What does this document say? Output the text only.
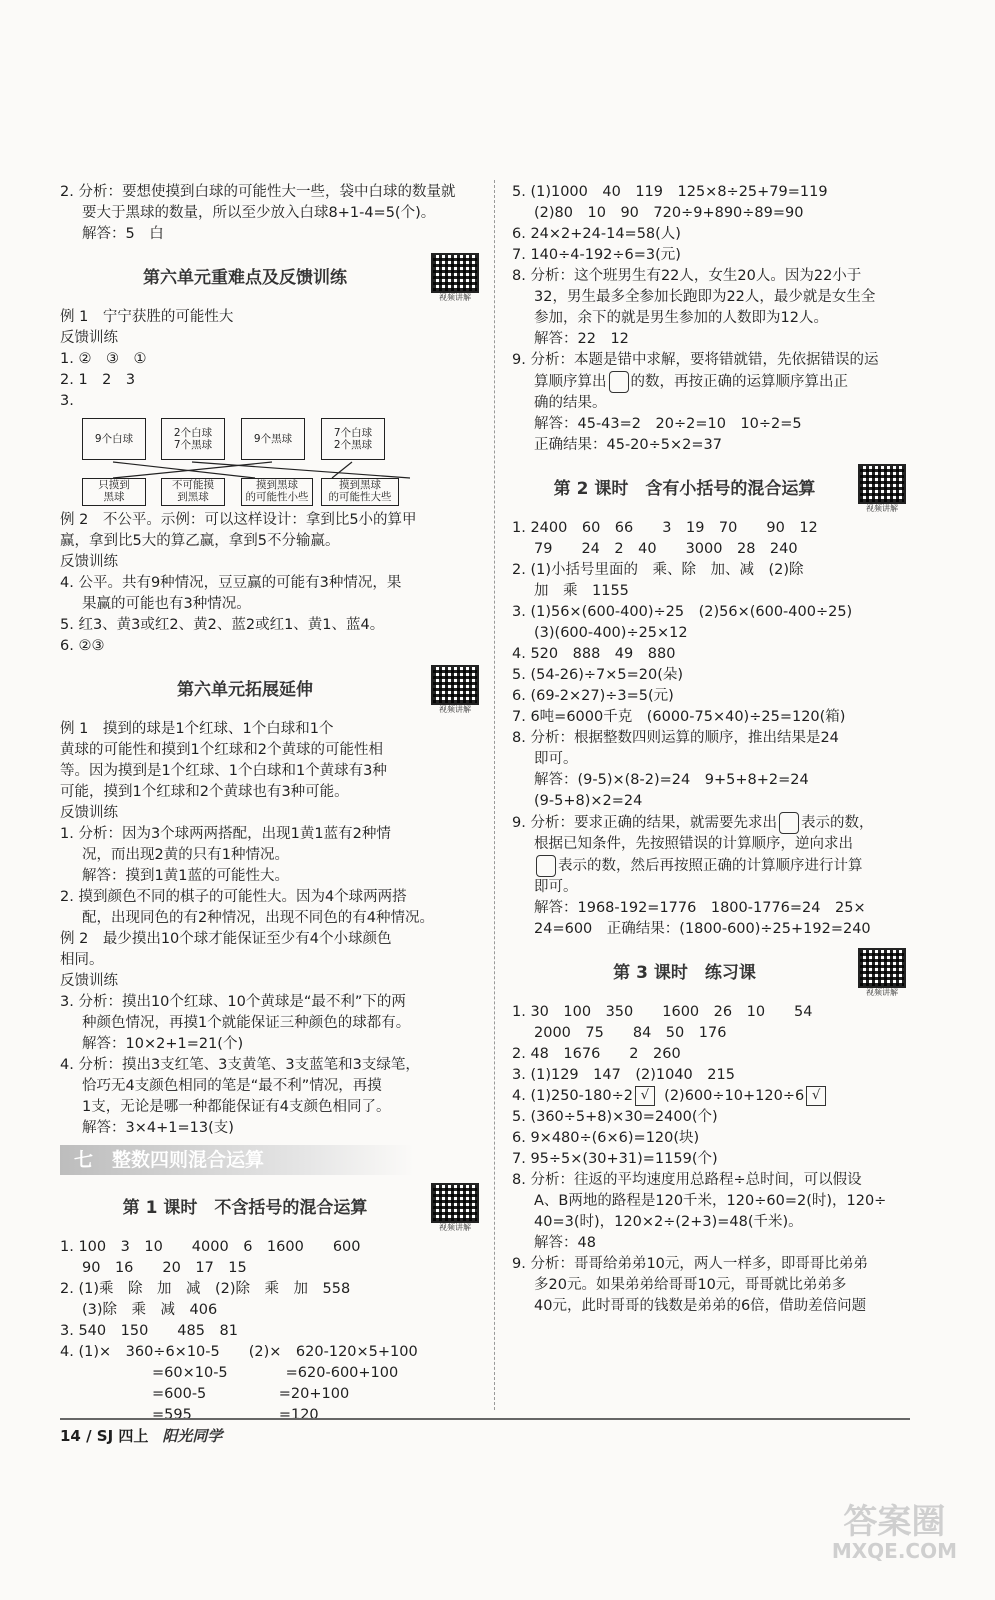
2. 分析：要想使摸到白球的可能性大一些，袋中白球的数量就
要大于黑球的数量，所以至少放入白球8+1-4=5(个)。
解答：5　白
第六单元重难点及反馈训练
视频讲解
例 1　宁宁获胜的可能性大
反馈训练
1. ②　③　①
2. 1　2　3
3.
9个白球	2个白球
7个黑球	9个黑球	7个白球
2个黑球
只摸到
黑球
不可能摸
到黑球
摸到黑球
的可能性小些
摸到黑球
的可能性大些
例 2　不公平。示例：可以这样设计：拿到比5小的算甲
赢，拿到比5大的算乙赢，拿到5不分输赢。
反馈训练
4. 公平。共有9种情况，豆豆赢的可能有3种情况，果
果赢的可能也有3种情况。
5. 红3、黄3或红2、黄2、蓝2或红1、黄1、蓝4。
6. ②③
第六单元拓展延伸
视频讲解
例 1　摸到的球是1个红球、1个白球和1个
黄球的可能性和摸到1个红球和2个黄球的可能性相
等。因为摸到是1个红球、1个白球和1个黄球有3种
可能，摸到1个红球和2个黄球也有3种可能。
反馈训练
1. 分析：因为3个球两两搭配，出现1黄1蓝有2种情
况，而出现2黄的只有1种情况。
解答：摸到1黄1蓝的可能性大。
2. 摸到颜色不同的棋子的可能性大。因为4个球两两搭
配，出现同色的有2种情况，出现不同色的有4种情况。
例 2　最少摸出10个球才能保证至少有4个小球颜色
相同。
反馈训练
3. 分析：摸出10个红球、10个黄球是“最不利”下的两
种颜色情况，再摸1个就能保证三种颜色的球都有。
解答：10×2+1=21(个)
4. 分析：摸出3支红笔、3支黄笔、3支蓝笔和3支绿笔，
恰巧无4支颜色相同的笔是“最不利”情况，再摸
1支，无论是哪一种都能保证有4支颜色相同了。
解答：3×4+1=13(支)
七　整数四则混合运算
第 1 课时　不含括号的混合运算
视频讲解
1. 100　3　10　　4000　6　1600　　600
90　16　　20　17　15
2. (1)乘　除　加　减　(2)除　乘　加　558
(3)除　乘　减　406
3. 540　150　　485　81
4. (1)×　360÷6×10-5　　(2)×　620-120×5+100
=60×10-5　　　　=620-600+100
=600-5　　　　　=20+100
=595　　　　　　=120
5. (1)1000　40　119　125×8÷25+79=119
(2)80　10　90　720÷9+890÷89=90
6. 24×2+24-14=58(人)
7. 140÷4-192÷6=3(元)
8. 分析：这个班男生有22人，女生20人。因为22小于
32，男生最多全参加长跑即为22人，最少就是女生全
参加，余下的就是男生参加的人数即为12人。
解答：22　12
9. 分析：本题是错中求解，要将错就错，先依据错误的运
算顺序算出 的数，再按正确的运算顺序算出正
确的结果。
解答：45-43=2　20÷2=10　10÷2=5
正确结果：45-20÷5×2=37
第 2 课时　含有小括号的混合运算
视频讲解
1. 2400　60　66　　3　19　70　　90　12
79　　24　2　40　　3000　28　240
2. (1)小括号里面的　乘、除　加、减　(2)除
加　乘　1155
3. (1)56×(600-400)÷25　(2)56×(600-400÷25)
(3)(600-400)÷25×12
4. 520　888　49　880
5. (54-26)÷7×5=20(朵)
6. (69-2×27)÷3=5(元)
7. 6吨=6000千克　(6000-75×40)÷25=120(箱)
8. 分析：根据整数四则运算的顺序，推出结果是24
即可。
解答：(9-5)×(8-2)=24　9+5+8+2=24
(9-5+8)×2=24
9. 分析：要求正确的结果，就需要先求出 表示的数，
根据已知条件，先按照错误的计算顺序，逆向求出
表示的数，然后再按照正确的计算顺序进行计算
即可。
解答：1968-192=1776　1800-1776=24　25×
24=600　正确结果：(1800-600)÷25+192=240
第 3 课时　练习课
视频讲解
1. 30　100　350　　1600　26　10　　54
2000　75　　84　50　176
2. 48　1676　　2　260
3. (1)129　147　(2)1040　215
4. (1)250-180÷2 √ (2)600÷10+120÷6 √
5. (360÷5+8)×30=2400(个)
6. 9×480÷(6×6)=120(块)
7. 95÷5×(30+31)=1159(个)
8. 分析：往返的平均速度用总路程÷总时间，可以假设
A、B两地的路程是120千米，120÷60=2(时)，120÷
40=3(时)，120×2÷(2+3)=48(千米)。
解答：48
9. 分析：哥哥给弟弟10元，两人一样多，即哥哥比弟弟
多20元。如果弟弟给哥哥10元，哥哥就比弟弟多
40元，此时哥哥的钱数是弟弟的6倍，借助差倍问题
14 / SJ 四上 阳光同学
答案圈
MXQE.COM
